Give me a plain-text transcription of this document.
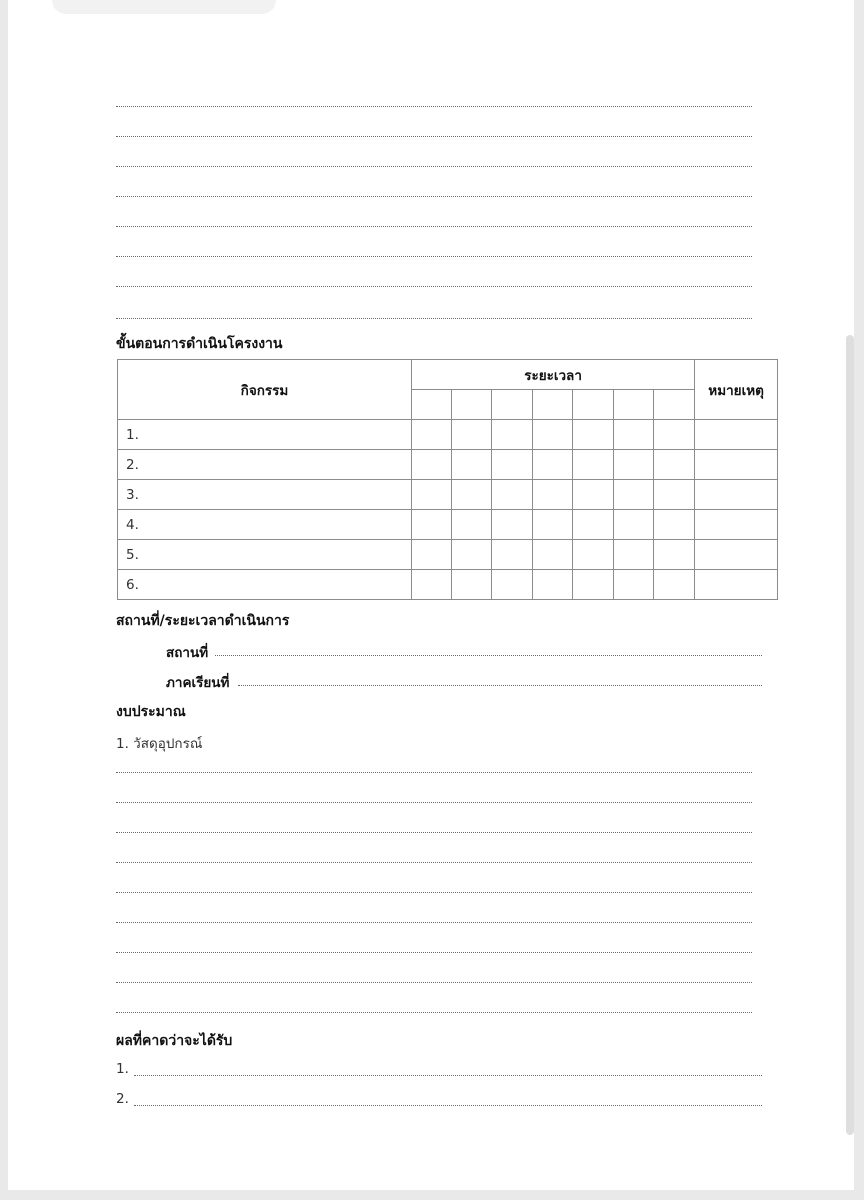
ขั้นตอนการดำเนินโครงงาน
กิจกรรม	ระยะเวลา							หมายเหตุ

1.								
2.								
3.								
4.								
5.								
6.								
สถานที่/ระยะเวลาดำเนินการ
สถานที่
ภาคเรียนที่
งบประมาณ
1. วัสดุอุปกรณ์
ผลที่คาดว่าจะได้รับ
1.
2.
